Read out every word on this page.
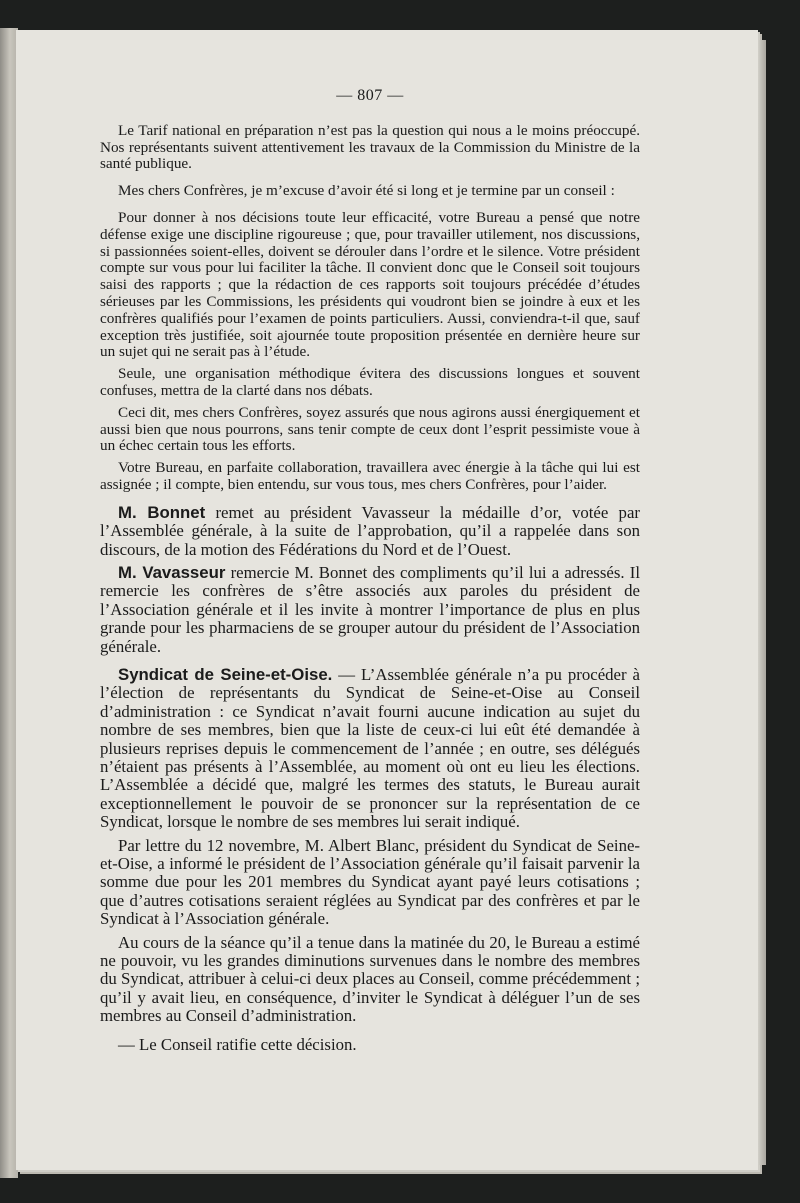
— 807 —

Le Tarif national en préparation n’est pas la question qui nous a le moins préoccupé. Nos représentants suivent attentivement les travaux de la Commission du Ministre de la santé publique.

Mes chers Confrères, je m’excuse d’avoir été si long et je termine par un conseil :

Pour donner à nos décisions toute leur efficacité, votre Bureau a pensé que notre défense exige une discipline rigoureuse ; que, pour travailler utilement, nos discussions, si passionnées soient-elles, doivent se dérouler dans l’ordre et le silence. Votre président compte sur vous pour lui faciliter la tâche. Il convient donc que le Conseil soit toujours saisi des rapports ; que la rédaction de ces rapports soit toujours précédée d’études sérieuses par les Commissions, les présidents qui voudront bien se joindre à eux et les confrères qualifiés pour l’examen de points particuliers. Aussi, conviendra-t-il que, sauf exception très justifiée, soit ajournée toute proposition présentée en dernière heure sur un sujet qui ne serait pas à l’étude.

Seule, une organisation méthodique évitera des discussions longues et souvent confuses, mettra de la clarté dans nos débats.

Ceci dit, mes chers Confrères, soyez assurés que nous agirons aussi énergiquement et aussi bien que nous pourrons, sans tenir compte de ceux dont l’esprit pessimiste voue à un échec certain tous les efforts.

Votre Bureau, en parfaite collaboration, travaillera avec énergie à la tâche qui lui est assignée ; il compte, bien entendu, sur vous tous, mes chers Confrères, pour l’aider.

M. Bonnet remet au président Vavasseur la médaille d’or, votée par l’Assemblée générale, à la suite de l’approbation, qu’il a rappelée dans son discours, de la motion des Fédérations du Nord et de l’Ouest.

M. Vavasseur remercie M. Bonnet des compliments qu’il lui a adressés. Il remercie les confrères de s’être associés aux paroles du président de l’Association générale et il les invite à montrer l’importance de plus en plus grande pour les pharmaciens de se grouper autour du président de l’Association générale.

Syndicat de Seine-et-Oise. — L’Assemblée générale n’a pu procéder à l’élection de représentants du Syndicat de Seine-et-Oise au Conseil d’administration : ce Syndicat n’avait fourni aucune indication au sujet du nombre de ses membres, bien que la liste de ceux-ci lui eût été demandée à plusieurs reprises depuis le commencement de l’année ; en outre, ses délégués n’étaient pas présents à l’Assemblée, au moment où ont eu lieu les élections. L’Assemblée a décidé que, malgré les termes des statuts, le Bureau aurait exceptionnellement le pouvoir de se prononcer sur la représentation de ce Syndicat, lorsque le nombre de ses membres lui serait indiqué.

Par lettre du 12 novembre, M. Albert Blanc, président du Syndicat de Seine-et-Oise, a informé le président de l’Association générale qu’il faisait parvenir la somme due pour les 201 membres du Syndicat ayant payé leurs cotisations ; que d’autres cotisations seraient réglées au Syndicat par des confrères et par le Syndicat à l’Association générale.

Au cours de la séance qu’il a tenue dans la matinée du 20, le Bureau a estimé ne pouvoir, vu les grandes diminutions survenues dans le nombre des membres du Syndicat, attribuer à celui-ci deux places au Conseil, comme précédemment ; qu’il y avait lieu, en conséquence, d’inviter le Syndicat à déléguer l’un de ses membres au Conseil d’administration.

— Le Conseil ratifie cette décision.
